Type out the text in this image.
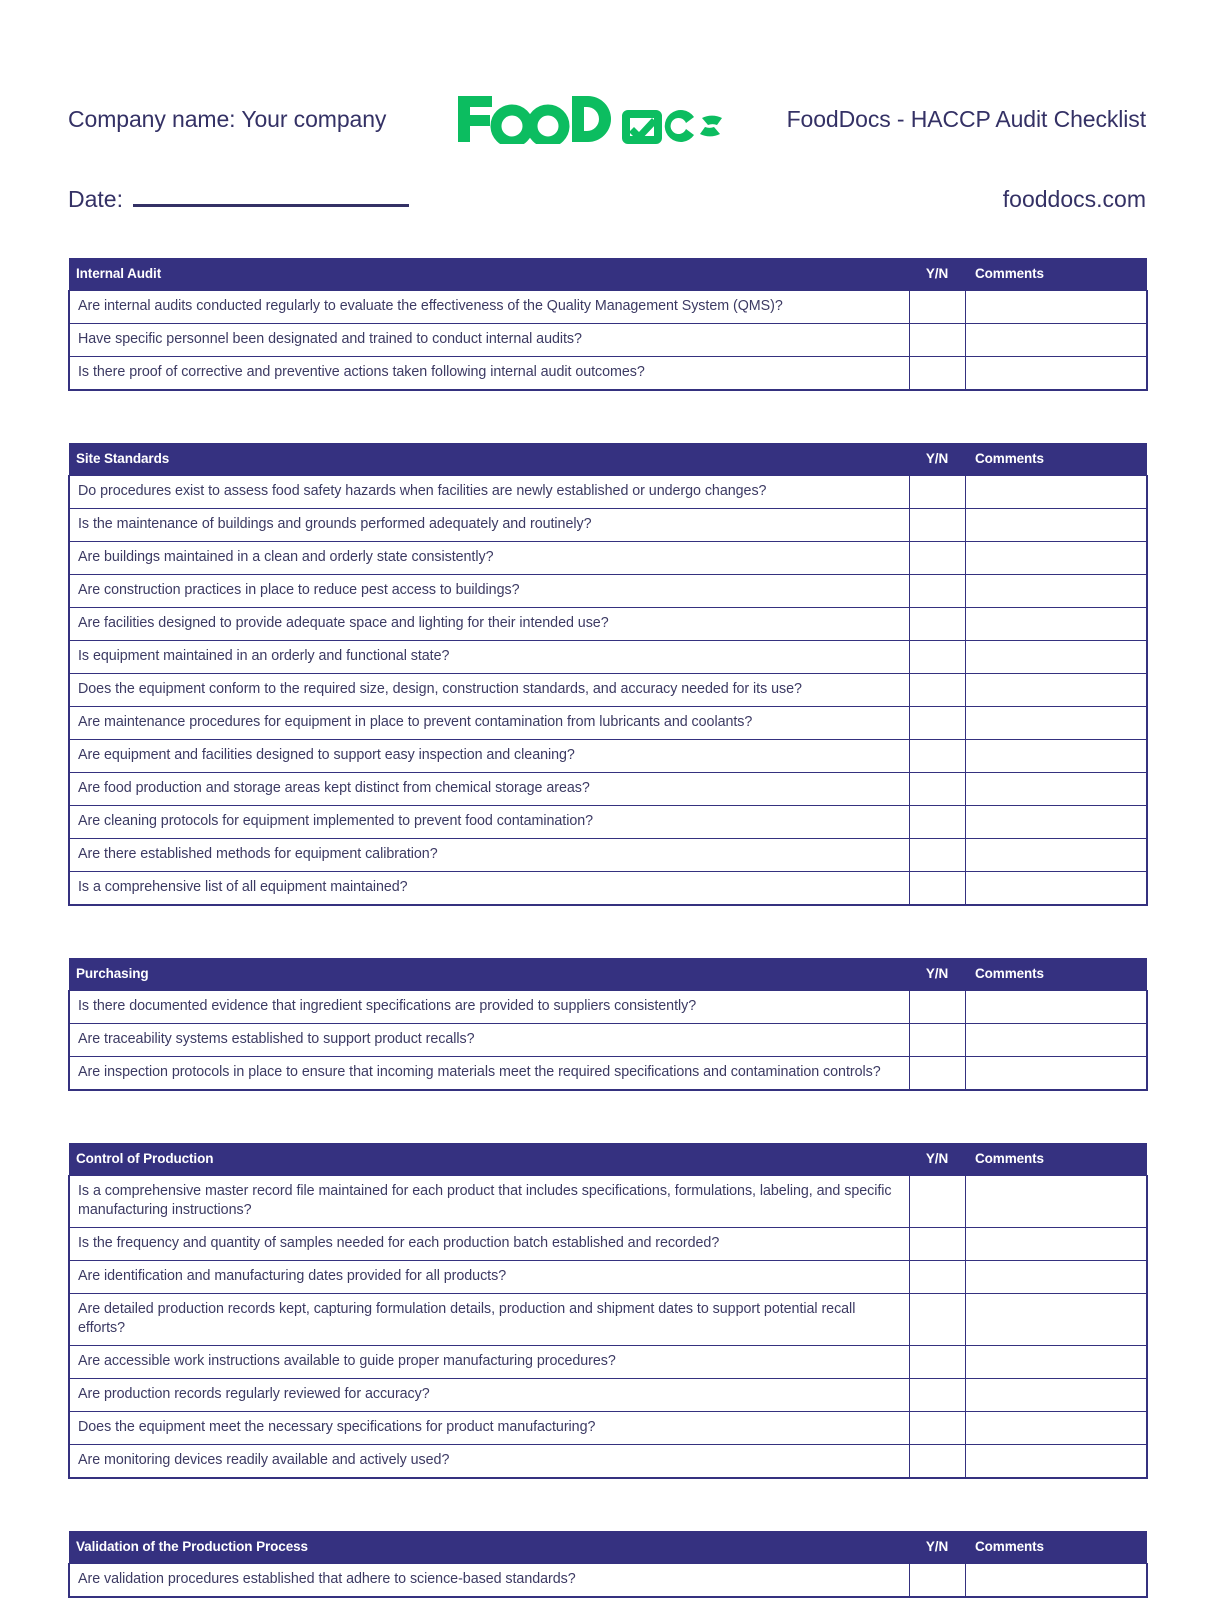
Company name: Your company	FoodDocs - HACCP Audit Checklist
Date:	fooddocs.com
Internal Audit	Y/N	Comments
Are internal audits conducted regularly to evaluate the effectiveness of the Quality Management System (QMS)?		
Have specific personnel been designated and trained to conduct internal audits?		
Is there proof of corrective and preventive actions taken following internal audit outcomes?		
Site Standards	Y/N	Comments
Do procedures exist to assess food safety hazards when facilities are newly established or undergo changes?		
Is the maintenance of buildings and grounds performed adequately and routinely?		
Are buildings maintained in a clean and orderly state consistently?		
Are construction practices in place to reduce pest access to buildings?		
Are facilities designed to provide adequate space and lighting for their intended use?		
Is equipment maintained in an orderly and functional state?		
Does the equipment conform to the required size, design, construction standards, and accuracy needed for its use?		
Are maintenance procedures for equipment in place to prevent contamination from lubricants and coolants?		
Are equipment and facilities designed to support easy inspection and cleaning?		
Are food production and storage areas kept distinct from chemical storage areas?		
Are cleaning protocols for equipment implemented to prevent food contamination?		
Are there established methods for equipment calibration?		
Is a comprehensive list of all equipment maintained?		
Purchasing	Y/N	Comments
Is there documented evidence that ingredient specifications are provided to suppliers consistently?		
Are traceability systems established to support product recalls?		
Are inspection protocols in place to ensure that incoming materials meet the required specifications and contamination controls?		
Control of Production	Y/N	Comments
Is a comprehensive master record file maintained for each product that includes specifications, formulations, labeling, and specific manufacturing instructions?		
Is the frequency and quantity of samples needed for each production batch established and recorded?		
Are identification and manufacturing dates provided for all products?		
Are detailed production records kept, capturing formulation details, production and shipment dates to support potential recall efforts?		
Are accessible work instructions available to guide proper manufacturing procedures?		
Are production records regularly reviewed for accuracy?		
Does the equipment meet the necessary specifications for product manufacturing?		
Are monitoring devices readily available and actively used?		
Validation of the Production Process	Y/N	Comments
Are validation procedures established that adhere to science-based standards?		
